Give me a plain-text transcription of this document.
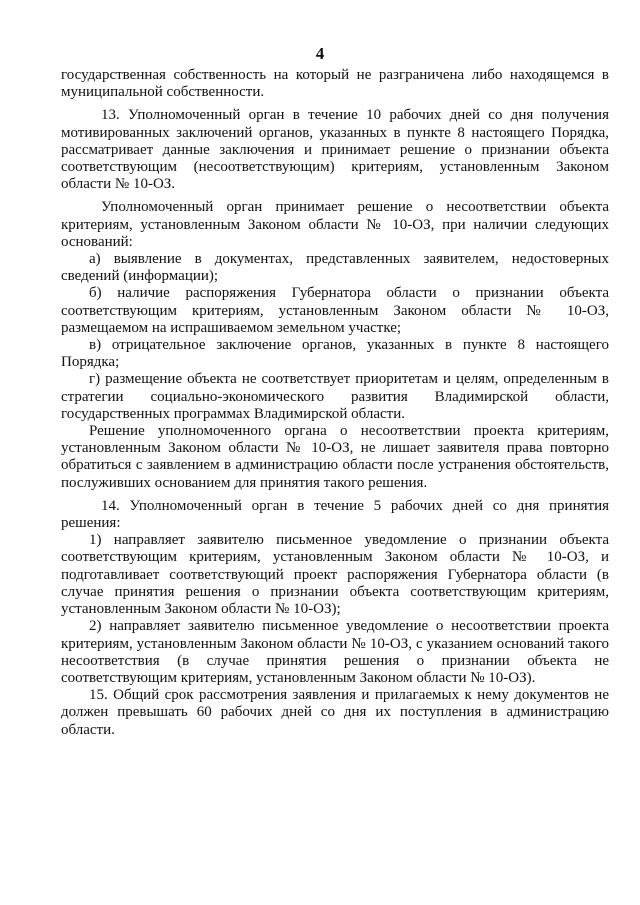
4

государственная собственность на который не разграничена либо находящемся в муниципальной собственности.

13. Уполномоченный орган в течение 10 рабочих дней со дня получения мотивированных заключений органов, указанных в пункте 8 настоящего Порядка, рассматривает данные заключения и принимает решение о признании объекта соответствующим (несоответствующим) критериям, установленным Законом области № 10-ОЗ.

Уполномоченный орган принимает решение о несоответствии объекта критериям, установленным Законом области № 10-ОЗ, при наличии следующих оснований:

а) выявление в документах, представленных заявителем, недостоверных сведений (информации);

б) наличие распоряжения Губернатора области о признании объекта соответствующим критериям, установленным Законом области № 10-ОЗ, размещаемом на испрашиваемом земельном участке;

в) отрицательное заключение органов, указанных в пункте 8 настоящего Порядка;

г) размещение объекта не соответствует приоритетам и целям, определенным в стратегии социально-экономического развития Владимирской области, государственных программах Владимирской области.

Решение уполномоченного органа о несоответствии проекта критериям, установленным Законом области № 10-ОЗ, не лишает заявителя права повторно обратиться с заявлением в администрацию области после устранения обстоятельств, послуживших основанием для принятия такого решения.

14. Уполномоченный орган в течение 5 рабочих дней со дня принятия решения:

1) направляет заявителю письменное уведомление о признании объекта соответствующим критериям, установленным Законом области № 10-ОЗ, и подготавливает соответствующий проект распоряжения Губернатора области (в случае принятия решения о признании объекта соответствующим критериям, установленным Законом области № 10-ОЗ);

2) направляет заявителю письменное уведомление о несоответствии проекта критериям, установленным Законом области № 10-ОЗ, с указанием оснований такого несоответствия (в случае принятия решения о признании объекта не соответствующим критериям, установленным Законом области № 10-ОЗ).

15. Общий срок рассмотрения заявления и прилагаемых к нему документов не должен превышать 60 рабочих дней со дня их поступления в администрацию области.
